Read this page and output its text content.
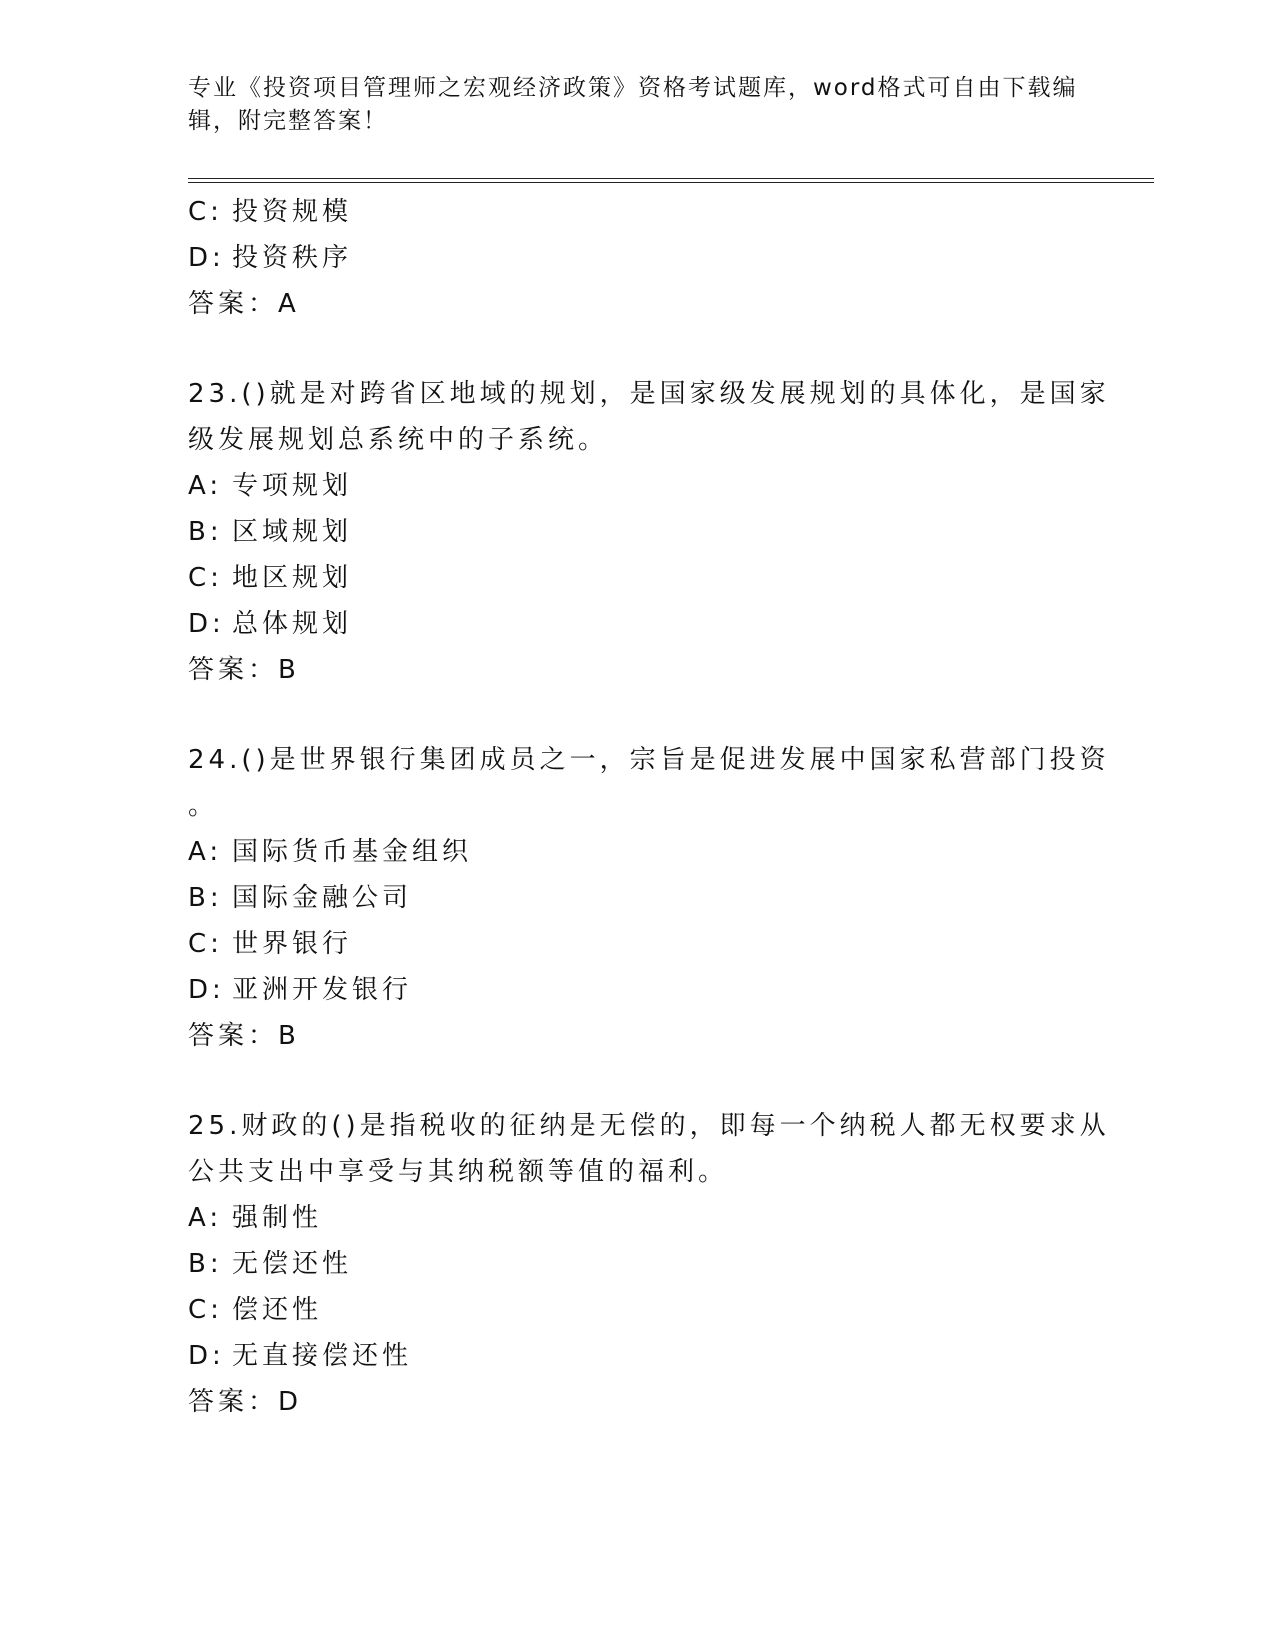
专业《投资项目管理师之宏观经济政策》资格考试题库，word格式可自由下载编辑，附完整答案！
C: 投资规模
D: 投资秩序
答案：A
23.()就是对跨省区地域的规划，是国家级发展规划的具体化，是国家
级发展规划总系统中的子系统。
A: 专项规划
B: 区域规划
C: 地区规划
D: 总体规划
答案：B
24.()是世界银行集团成员之一，宗旨是促进发展中国家私营部门投资
。
A: 国际货币基金组织
B: 国际金融公司
C: 世界银行
D: 亚洲开发银行
答案：B
25.财政的()是指税收的征纳是无偿的，即每一个纳税人都无权要求从
公共支出中享受与其纳税额等值的福利。
A: 强制性
B: 无偿还性
C: 偿还性
D: 无直接偿还性
答案：D
